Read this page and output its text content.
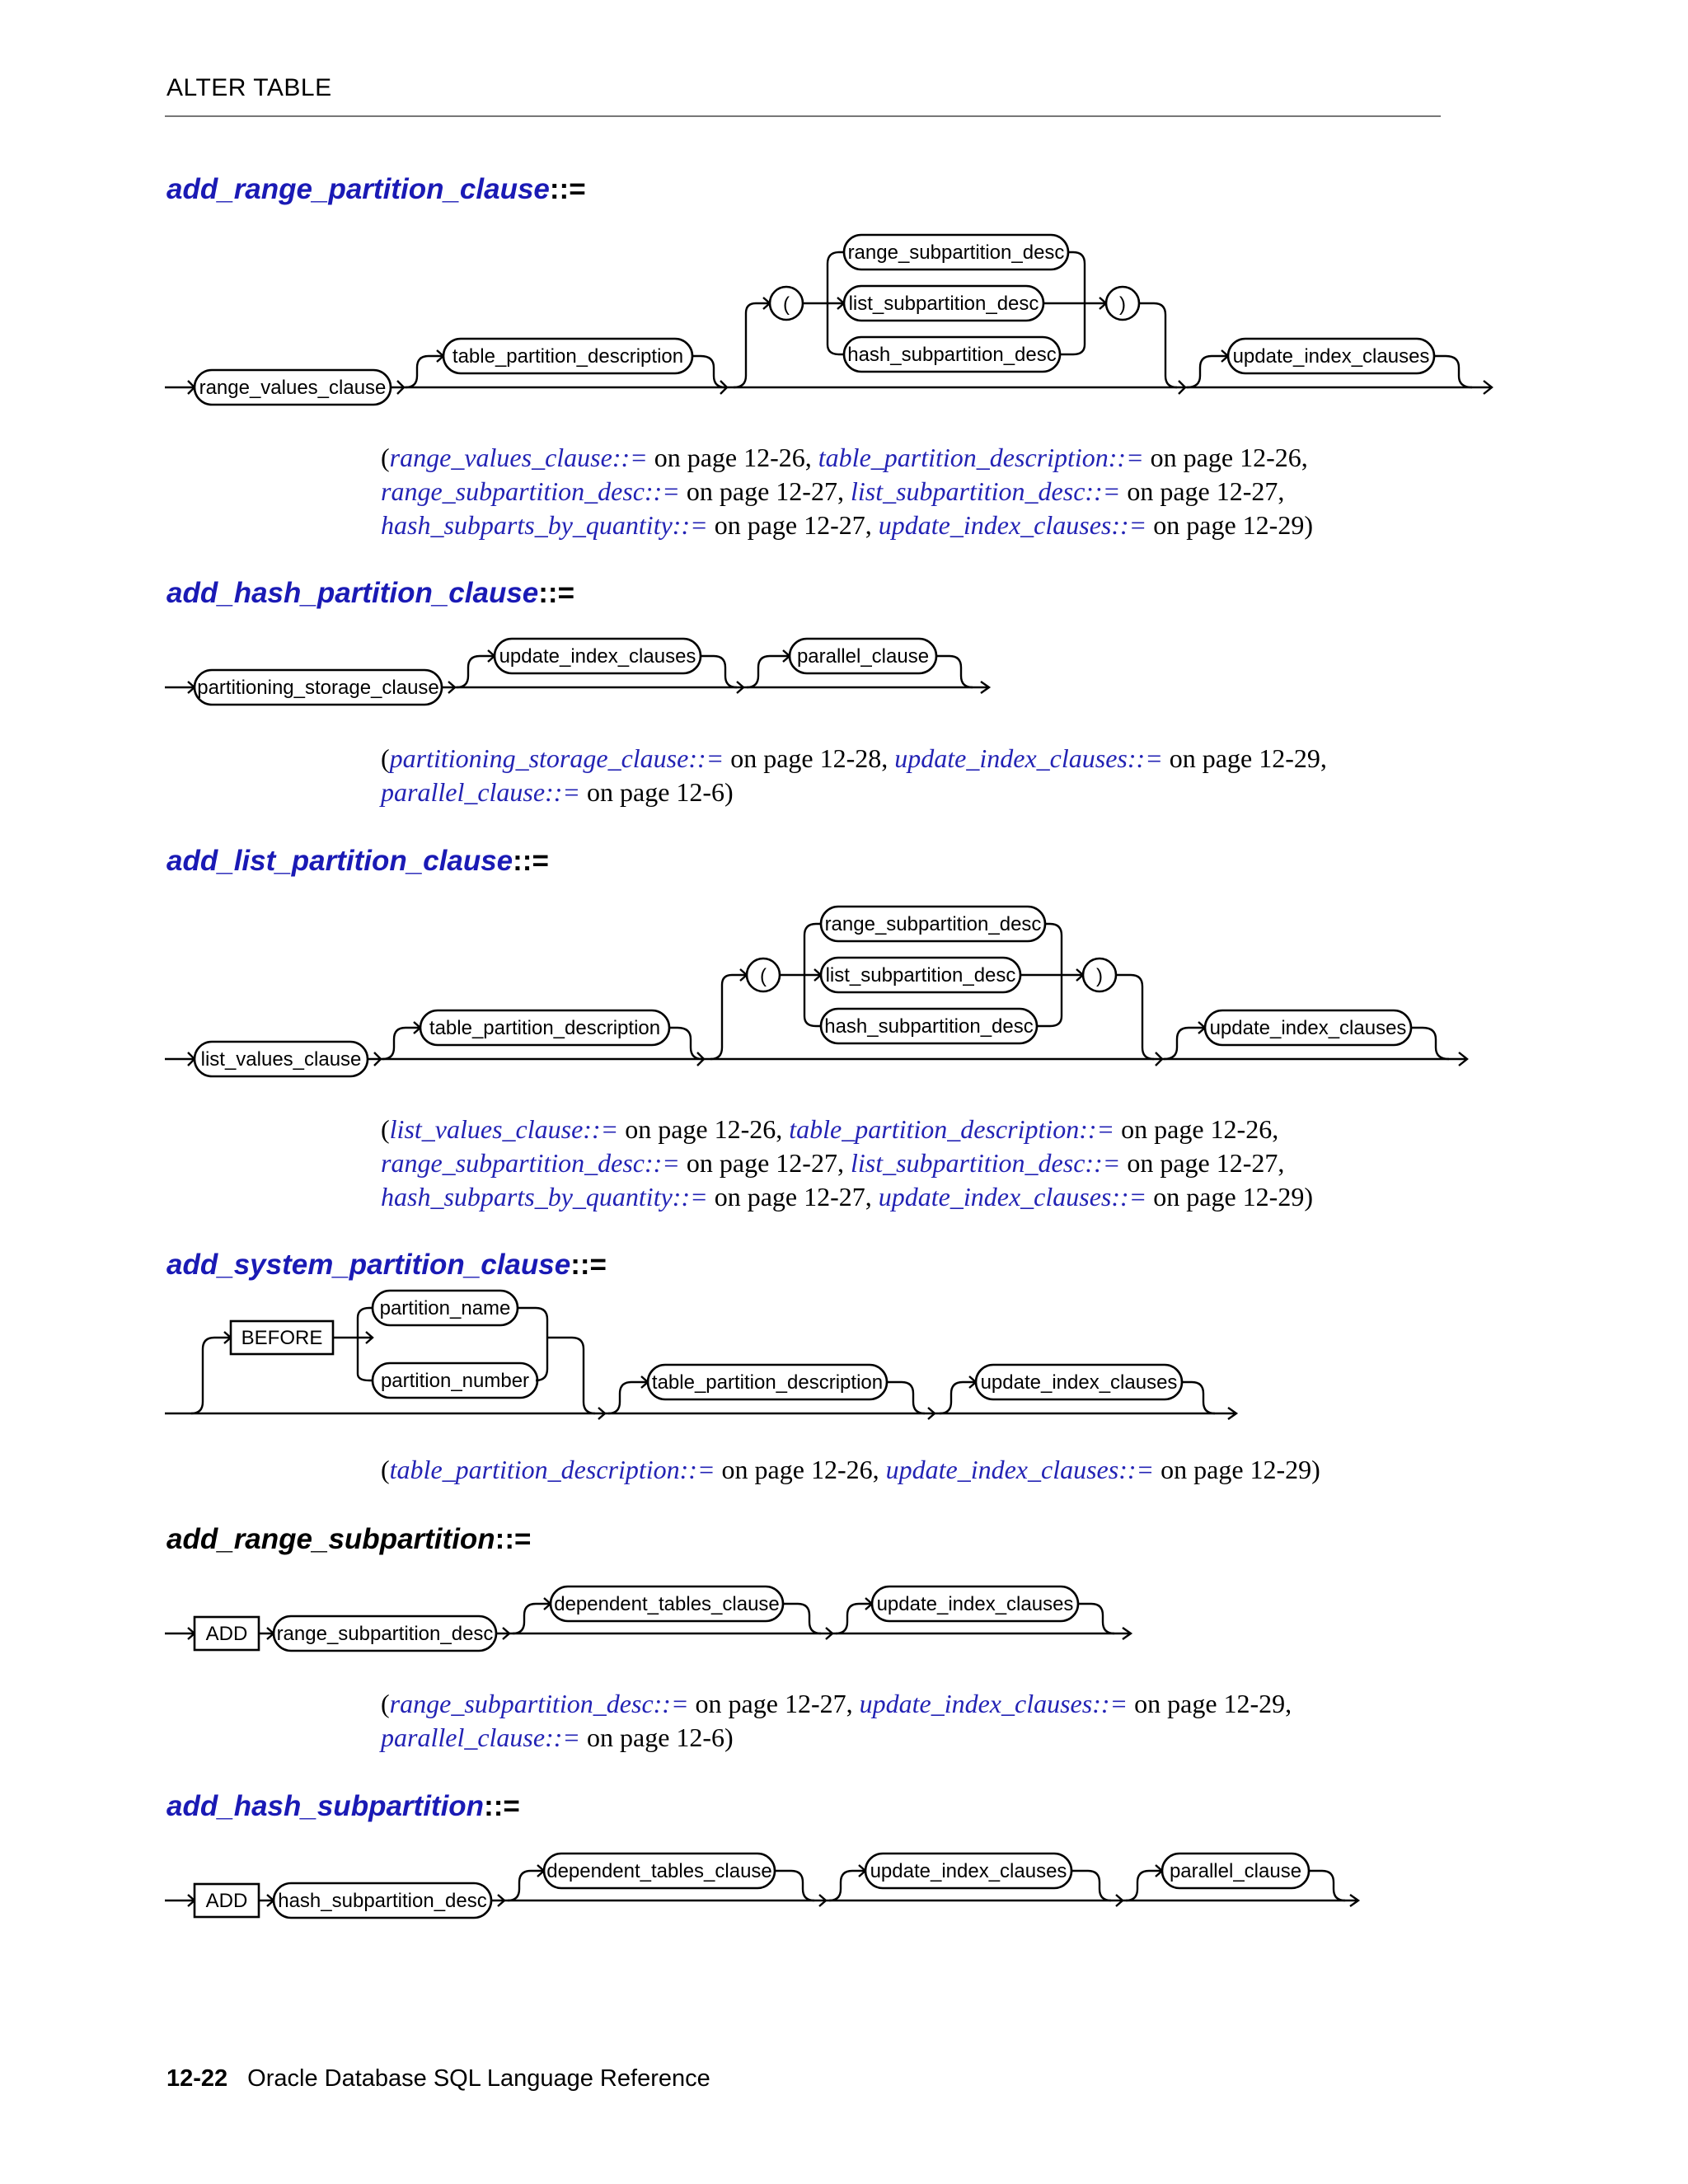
ALTER TABLE
add_range_partition_clause::=
range_values_clause
table_partition_description
(
range_subpartition_desc
list_subpartition_desc
hash_subpartition_desc
)
update_index_clauses
(range_values_clause::= on page 12-26, table_partition_description::= on page 12-26, range_subpartition_desc::= on page 12-27, list_subpartition_desc::= on page 12-27, hash_subparts_by_quantity::= on page 12-27, update_index_clauses::= on page 12-29)
add_hash_partition_clause::=
partitioning_storage_clause
update_index_clauses	parallel_clause
(partitioning_storage_clause::= on page 12-28, update_index_clauses::= on page 12-29,
parallel_clause::= on page 12-6)
add_list_partition_clause::=
list_values_clause
table_partition_description
(
range_subpartition_desc
list_subpartition_desc
hash_subpartition_desc
)
update_index_clauses
(list_values_clause::= on page 12-26, table_partition_description::= on page 12-26, range_subpartition_desc::= on page 12-27, list_subpartition_desc::= on page 12-27, hash_subparts_by_quantity::= on page 12-27, update_index_clauses::= on page 12-29)
add_system_partition_clause::=
BEFORE
partition_name
partition_number	table_partition_description	update_index_clauses
(table_partition_description::= on page 12-26, update_index_clauses::= on page 12-29)
add_range_subpartition::=
ADD range_subpartition_desc
dependent_tables_clause	update_index_clauses
(range_subpartition_desc::= on page 12-27, update_index_clauses::= on page 12-29,
parallel_clause::= on page 12-6)
add_hash_subpartition::=
ADD hash_subpartition_desc
dependent_tables_clause	update_index_clauses	parallel_clause
12-22 Oracle Database SQL Language Reference
